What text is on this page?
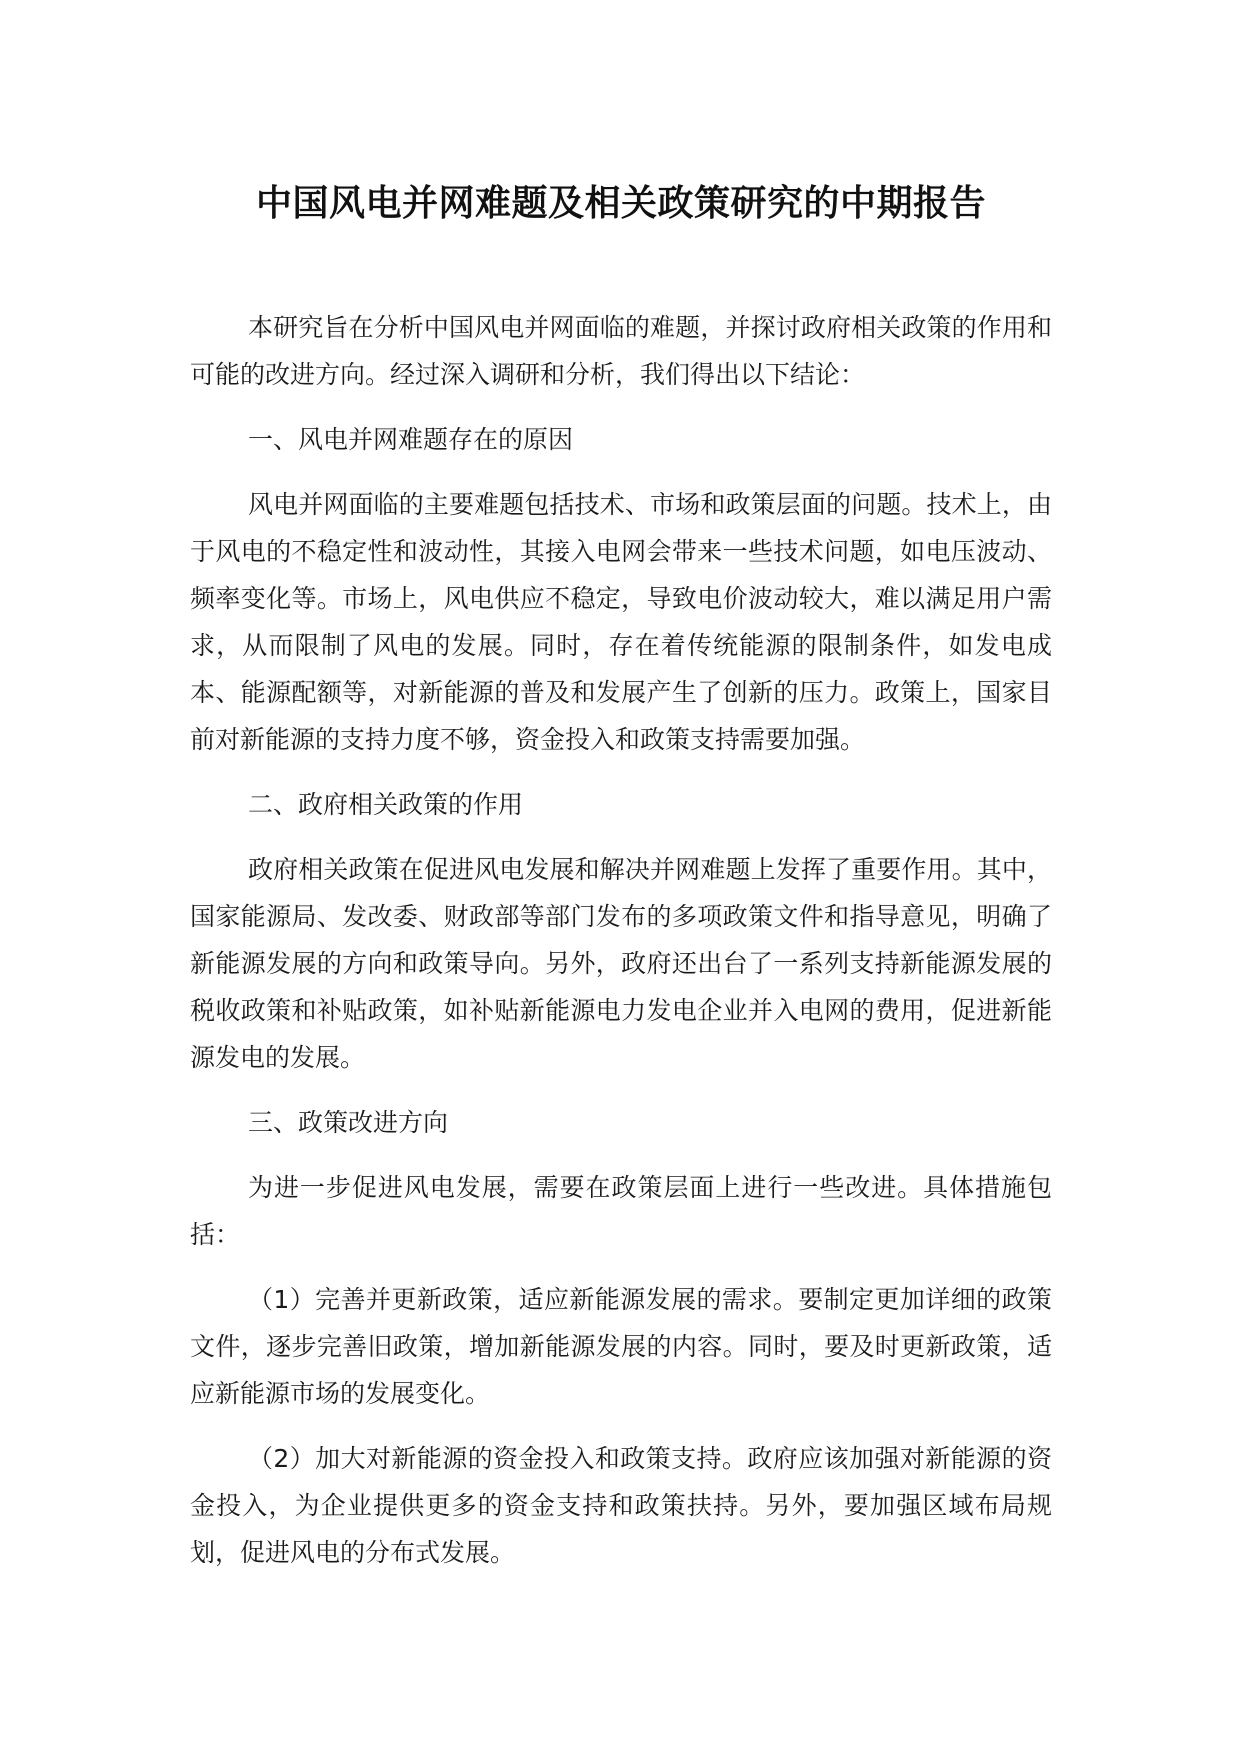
中国风电并网难题及相关政策研究的中期报告

本研究旨在分析中国风电并网面临的难题，并探讨政府相关政策的作用和可能的改进方向。经过深入调研和分析，我们得出以下结论：

一、风电并网难题存在的原因

风电并网面临的主要难题包括技术、市场和政策层面的问题。技术上，由于风电的不稳定性和波动性，其接入电网会带来一些技术问题，如电压波动、频率变化等。市场上，风电供应不稳定，导致电价波动较大，难以满足用户需求，从而限制了风电的发展。同时，存在着传统能源的限制条件，如发电成本、能源配额等，对新能源的普及和发展产生了创新的压力。政策上，国家目前对新能源的支持力度不够，资金投入和政策支持需要加强。

二、政府相关政策的作用

政府相关政策在促进风电发展和解决并网难题上发挥了重要作用。其中，国家能源局、发改委、财政部等部门发布的多项政策文件和指导意见，明确了新能源发展的方向和政策导向。另外，政府还出台了一系列支持新能源发展的税收政策和补贴政策，如补贴新能源电力发电企业并入电网的费用，促进新能源发电的发展。

三、政策改进方向

为进一步促进风电发展，需要在政策层面上进行一些改进。具体措施包括：

（1）完善并更新政策，适应新能源发展的需求。要制定更加详细的政策文件，逐步完善旧政策，增加新能源发展的内容。同时，要及时更新政策，适应新能源市场的发展变化。

（2）加大对新能源的资金投入和政策支持。政府应该加强对新能源的资金投入，为企业提供更多的资金支持和政策扶持。另外，要加强区域布局规划，促进风电的分布式发展。
